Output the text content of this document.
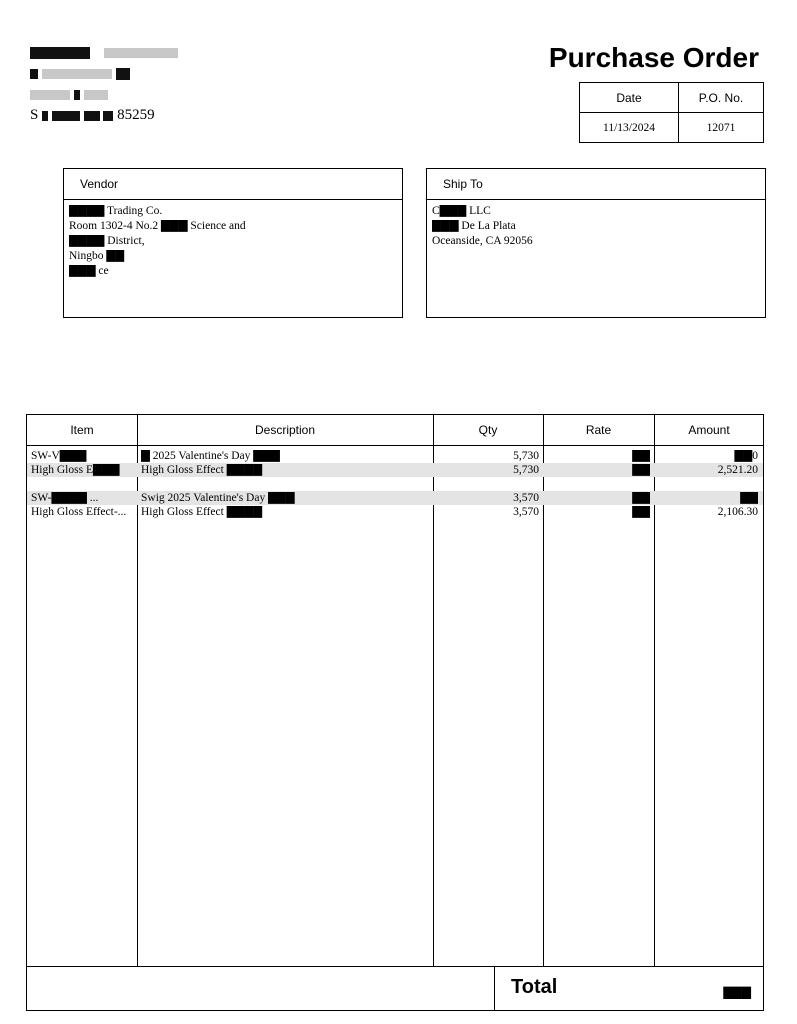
S	85259
Purchase Order
Date	P.O. No.
11/13/2024	12071
Vendor
▇▇▇▇ Trading Co.
Room 1302-4 No.2 ▇▇▇ Science and
▇▇▇▇ District,
Ningbo ▇▇
▇▇▇ ce
Ship To
C▇▇▇ LLC
▇▇▇ De La Plata
Oceanside, CA 92056
Item	Description	Qty	Rate	Amount
SW-V▇▇▇	▇ 2025 Valentine's Day ▇▇▇	5,730	▇▇	▇▇0
High Gloss E▇▇▇	High Gloss Effect ▇▇▇▇	5,730	▇▇	2,521.20
SW-▇▇▇▇ ...	Swig 2025 Valentine's Day ▇▇▇	3,570	▇▇	▇▇
High Gloss Effect-...	High Gloss Effect ▇▇▇▇	3,570	▇▇	2,106.30
Total	▇▇▇
